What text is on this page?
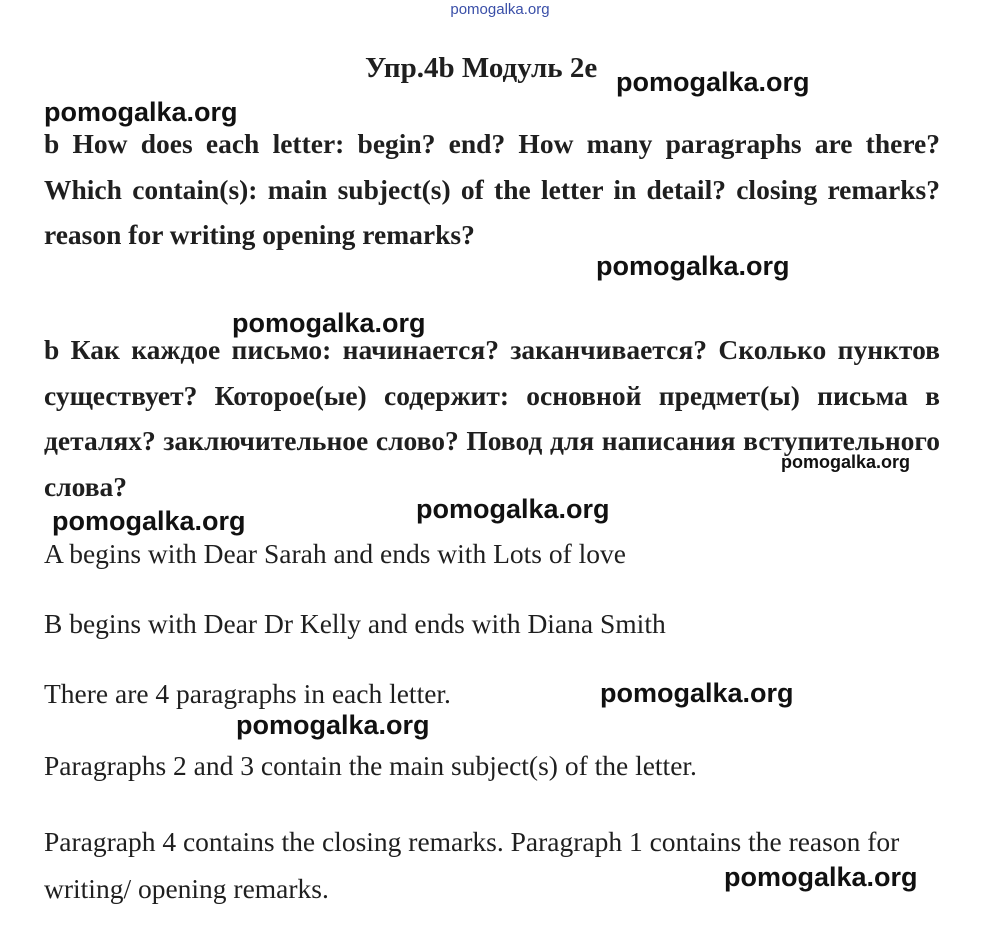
pomogalka.org
Упр.4b Модуль 2e
b How does each letter: begin? end? How many paragraphs are there? Which contain(s): main subject(s) of the letter in detail? closing remarks? reason for writing opening remarks?
b Как каждое письмо: начинается? заканчивается? Сколько пунктов существует? Которое(ые) содержит: основной предмет(ы) письма в деталях? заключительное слово? Повод для написания вступительного слова?
A begins with Dear Sarah and ends with Lots of love
B begins with Dear Dr Kelly and ends with Diana Smith
There are 4 paragraphs in each letter.
Paragraphs 2 and 3 contain the main subject(s) of the letter.
Paragraph 4 contains the closing remarks. Paragraph 1 contains the reason for writing/ opening remarks.
pomogalka.org
pomogalka.org
pomogalka.org
pomogalka.org
pomogalka.org
pomogalka.org	pomogalka.org
pomogalka.org
pomogalka.org
pomogalka.org
